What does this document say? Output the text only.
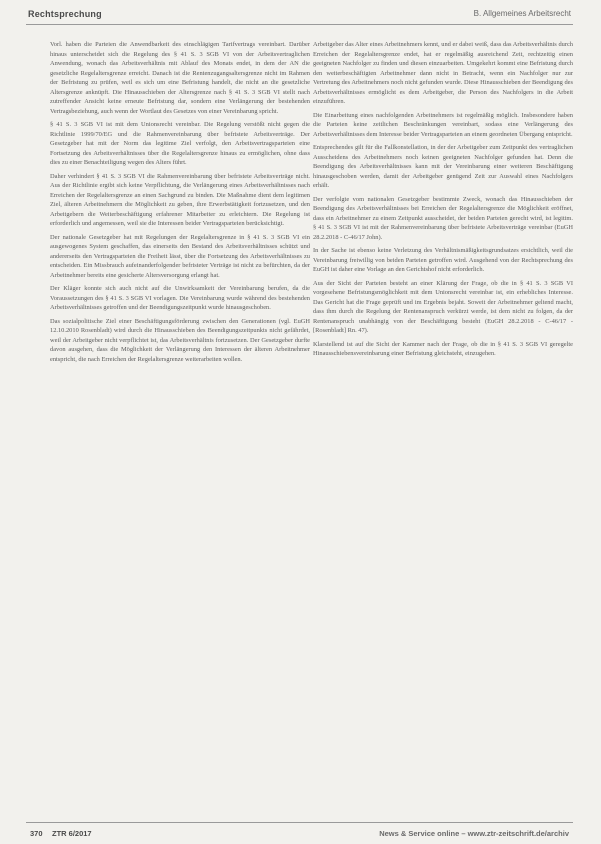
Rechtsprechung	B. Allgemeines Arbeitsrecht

Vorl. haben die Parteien die Anwendbarkeit des einschlägigen Tarifvertrags vereinbart. Darüber hinaus unterscheidet sich die Regelung des § 41 S. 3 SGB VI von der Arbeitsvertraglichen Anwendung, wonach das Arbeitsverhältnis mit Ablauf des Monats endet, in dem der AN die gesetzliche Regelaltersgrenze erreicht. Danach ist die Rentenzugangsaltersgrenze nicht im Rahmen der Befristung zu prüfen, weil es sich um eine Befristung handelt, die nicht an die gesetzliche Altersgrenze anknüpft. Die Hinausschieben der Altersgrenze nach § 41 S. 3 SGB VI stellt nach zutreffender Ansicht keine erneute Befristung dar, sondern eine Verlängerung der bestehenden Vertragsbeziehung, auch wenn der Wortlaut des Gesetzes von einer Vereinbarung spricht.

§ 41 S. 3 SGB VI ist mit dem Unionsrecht vereinbar. Die Regelung verstößt nicht gegen die Richtlinie 1999/70/EG und die Rahmenvereinbarung über befristete Arbeitsverträge. Der Gesetzgeber hat mit der Norm das legitime Ziel verfolgt, den Arbeitsvertragsparteien eine Fortsetzung des Arbeitsverhältnisses über die Regelaltersgrenze hinaus zu ermöglichen, ohne dass dies zu einer Benachteiligung wegen des Alters führt.

Daher verhindert § 41 S. 3 SGB VI die Rahmenvereinbarung über befristete Arbeitsverträge nicht. Aus der Richtlinie ergibt sich keine Verpflichtung, die Verlängerung eines Arbeitsverhältnisses nach Erreichen der Regelaltersgrenze an einen Sachgrund zu binden. Die Maßnahme dient dem legitimen Ziel, älteren Arbeitnehmern die Möglichkeit zu geben, ihre Erwerbstätigkeit fortzusetzen, und den Arbeitgebern die Weiterbeschäftigung erfahrener Mitarbeiter zu erleichtern. Die Regelung ist erforderlich und angemessen, weil sie die Interessen beider Vertragsparteien berücksichtigt.

Der nationale Gesetzgeber hat mit Regelungen der Regelaltersgrenze in § 41 S. 3 SGB VI ein ausgewogenes System geschaffen, das einerseits den Bestand des Arbeitsverhältnisses schützt und andererseits den Vertragsparteien die Freiheit lässt, über die Fortsetzung des Arbeitsverhältnisses zu entscheiden. Ein Missbrauch aufeinanderfolgender befristeter Verträge ist nicht zu befürchten, da der Arbeitnehmer bereits eine gesicherte Altersversorgung erlangt hat.

Der Kläger konnte sich auch nicht auf die Unwirksamkeit der Vereinbarung berufen, da die Voraussetzungen des § 41 S. 3 SGB VI vorlagen. Die Vereinbarung wurde während des bestehenden Arbeitsverhältnisses getroffen und der Beendigungszeitpunkt wurde hinausgeschoben.

Das sozialpolitische Ziel einer Beschäftigungsförderung zwischen den Generationen (vgl. EuGH 12.10.2010 Rosenbladt) wird durch die Hinausschieben des Beendigungszeitpunkts nicht gefährdet, weil der Arbeitgeber nicht verpflichtet ist, das Arbeitsverhältnis fortzusetzen. Der Gesetzgeber durfte davon ausgehen, dass die Möglichkeit der Verlängerung den Interessen der älteren Arbeitnehmer entspricht, die nach Erreichen der Regelaltersgrenze weiterarbeiten wollen.

Arbeitgeber das Alter eines Arbeitnehmers kennt, und er dabei weiß, dass das Arbeitsverhältnis durch Erreichen der Regelaltersgrenze endet, hat er regelmäßig ausreichend Zeit, rechtzeitig einen geeigneten Nachfolger zu finden und diesen einzuarbeiten. Umgekehrt kommt eine Befristung durch den weiterbeschäftigten Arbeitnehmer dann nicht in Betracht, wenn ein Nachfolger nur zur Vertretung des Arbeitnehmers noch nicht gefunden wurde. Diese Hinausschieben der Beendigung des Arbeitsverhältnisses ermöglicht es dem Arbeitgeber, die Person des Nachfolgers in die Arbeit einzuführen.

Die Einarbeitung eines nachfolgenden Arbeitnehmers ist regelmäßig möglich. Insbesondere haben die Parteien keine zeitlichen Beschränkungen vereinbart, sodass eine Verlängerung des Arbeitsverhältnisses dem Interesse beider Vertragsparteien an einem geordneten Übergang entspricht.

Entsprechendes gilt für die Fallkonstellation, in der der Arbeitgeber zum Zeitpunkt des vertraglichen Ausscheidens des Arbeitnehmers noch keinen geeigneten Nachfolger gefunden hat. Denn die Beendigung des Arbeitsverhältnisses kann mit der Vereinbarung einer weiteren Beschäftigung hinausgeschoben werden, damit der Arbeitgeber genügend Zeit zur Auswahl eines Nachfolgers erhält.

Der verfolgte vom nationalen Gesetzgeber bestimmte Zweck, wonach das Hinausschieben der Beendigung des Arbeitsverhältnisses bei Erreichen der Regelaltersgrenze die Möglichkeit eröffnet, dass ein Arbeitnehmer zu einem Zeitpunkt ausscheidet, der beiden Parteien gerecht wird, ist legitim. § 41 S. 3 SGB VI ist mit der Rahmenvereinbarung über befristete Arbeitsverträge vereinbar (EuGH 28.2.2018 - C-46/17 John).

In der Sache ist ebenso keine Verletzung des Verhältnismäßigkeitsgrundsatzes ersichtlich, weil die Vereinbarung freiwillig von beiden Parteien getroffen wird. Ausgehend von der Rechtsprechung des EuGH ist daher eine Vorlage an den Gerichtshof nicht erforderlich.

Aus der Sicht der Parteien besteht an einer Klärung der Frage, ob die in § 41 S. 3 SGB VI vorgesehene Befristungsmöglichkeit mit dem Unionsrecht vereinbar ist, ein erhebliches Interesse. Das Gericht hat die Frage geprüft und im Ergebnis bejaht. Soweit der Arbeitnehmer geltend macht, dass ihm durch die Regelung der Rentenanspruch verkürzt werde, ist dem nicht zu folgen, da der Rentenanspruch unabhängig von der Beschäftigung besteht (EuGH 28.2.2018 - C-46/17 - [Rosenbladt] Rn. 47).

Klarstellend ist auf die Sicht der Kammer nach der Frage, ob die in § 41 S. 3 SGB VI geregelte Hinausschiebensvereinbarung einer Befristung gleichsteht, einzugehen.

370 ZTR 6/2017	News & Service online – www.ztr-zeitschrift.de/archiv
